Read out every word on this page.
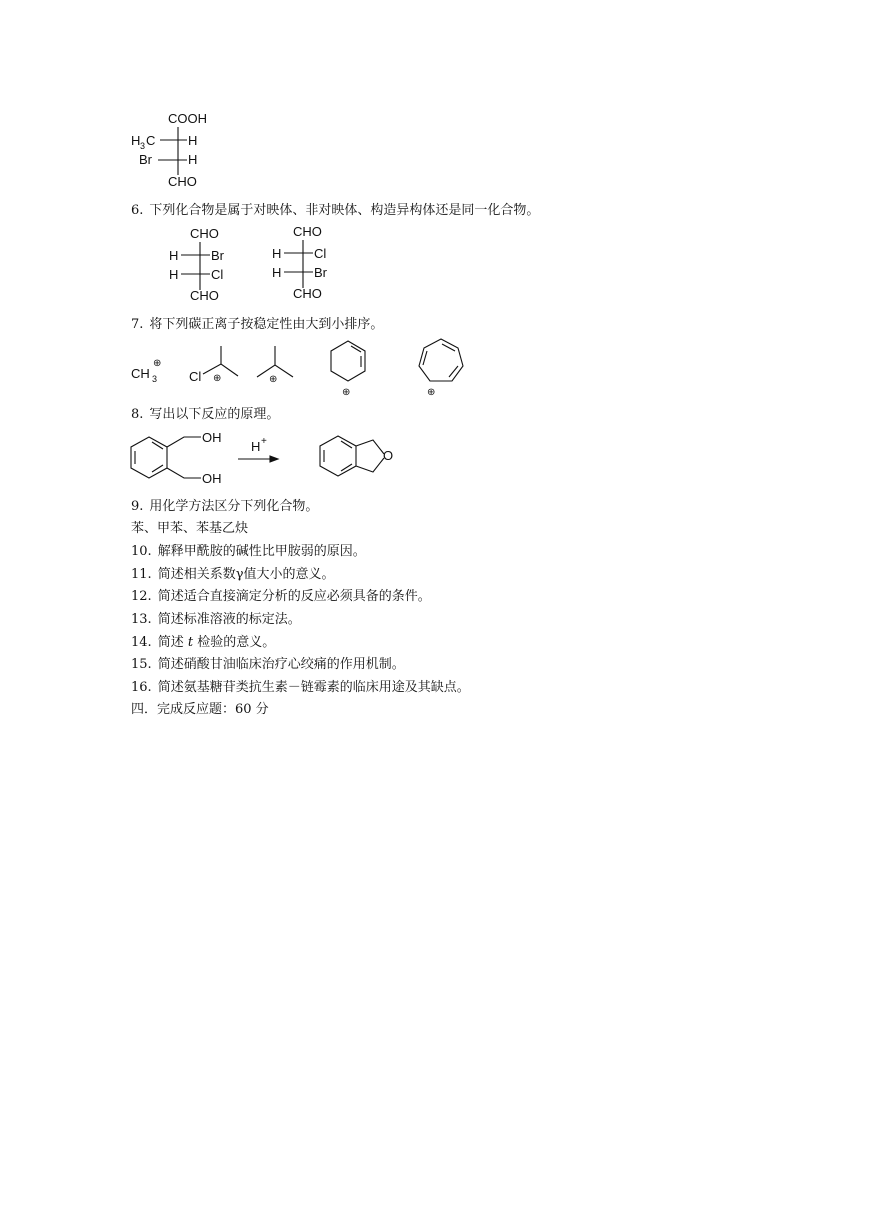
COOH
H 3 C	H
Br	H
CHO
CHO
H	Br
H	Cl
CHO
CHO
H	Cl
H	Br
CHO
CH 3
⊕
Cl ⊕	⊕
⊕	⊕
OH
OH
H +
O
6. 下列化合物是属于对映体、非对映体、构造异构体还是同一化合物。
7. 将下列碳正离子按稳定性由大到小排序。
8. 写出以下反应的原理。
9. 用化学方法区分下列化合物。
苯、甲苯、苯基乙炔
10. 解释甲酰胺的碱性比甲胺弱的原因。
11. 简述相关系数γ值大小的意义。
12. 简述适合直接滴定分析的反应必须具备的条件。
13. 简述标准溶液的标定法。
14. 简述 t 检验的意义。
15. 简述硝酸甘油临床治疗心绞痛的作用机制。
16. 简述氨基糖苷类抗生素－链霉素的临床用途及其缺点。
四．完成反应题：60 分
